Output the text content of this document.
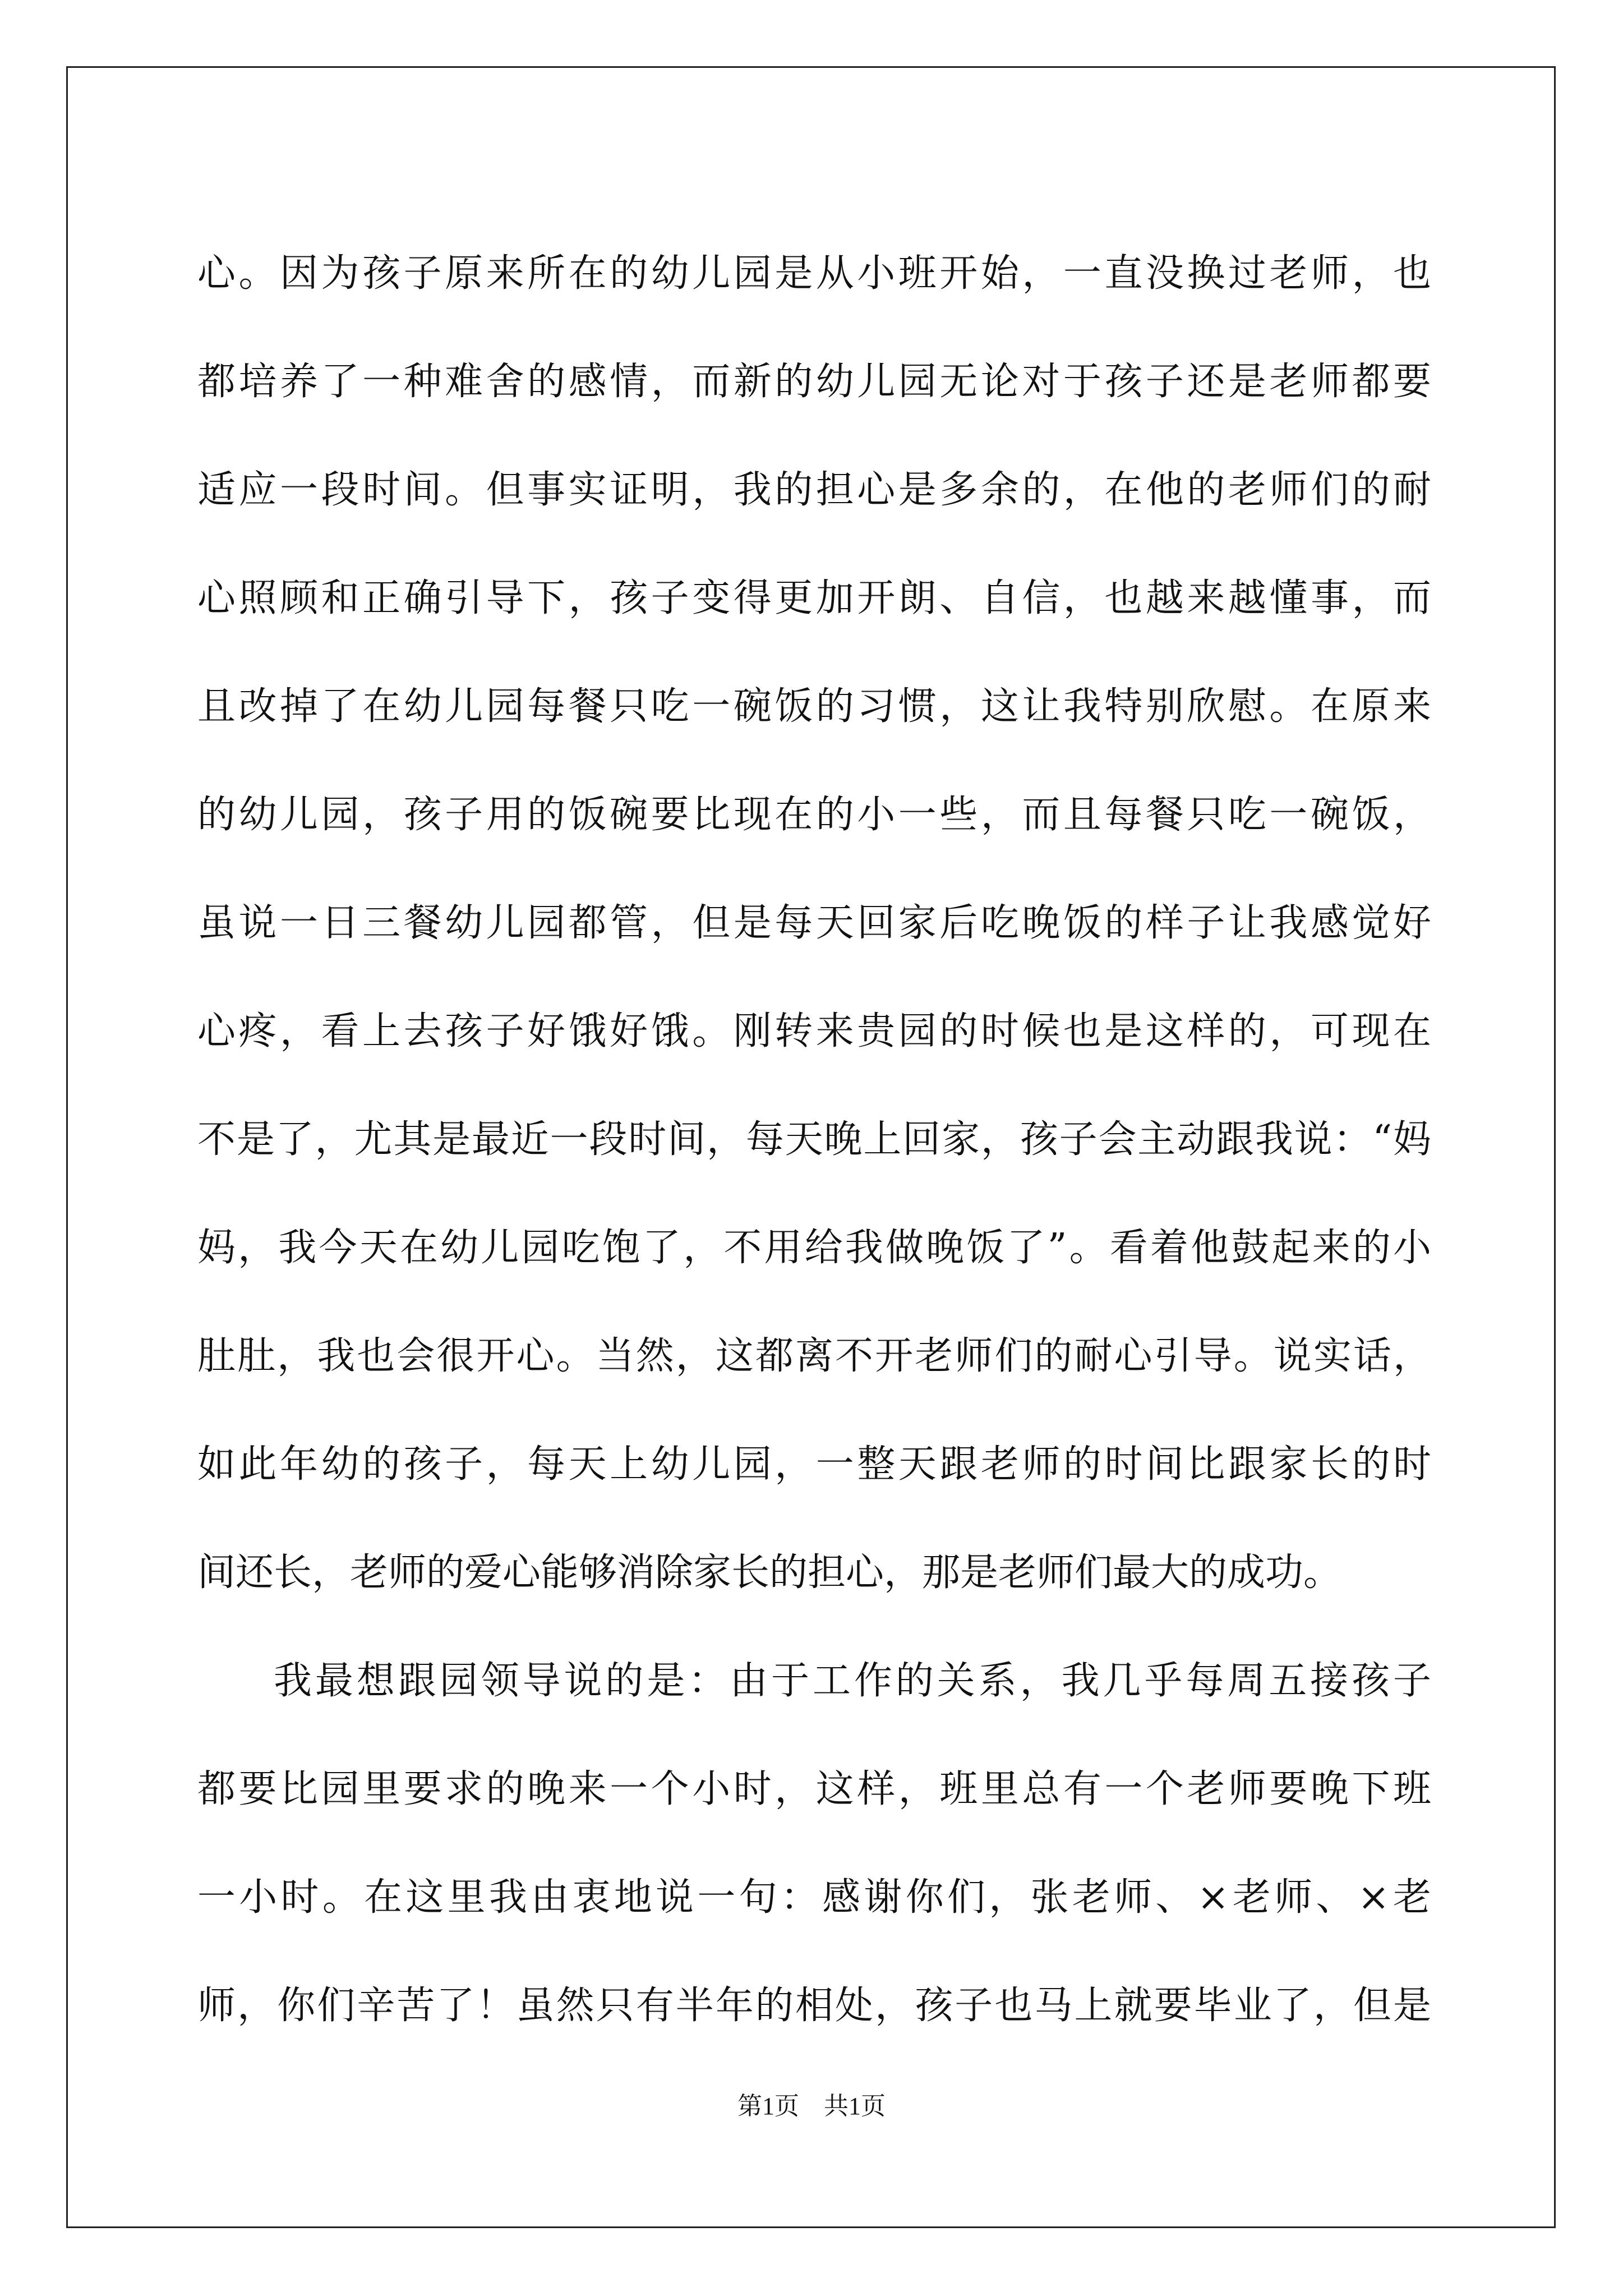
心。因为孩子原来所在的幼儿园是从小班开始，一直没换过老师，也
都培养了一种难舍的感情，而新的幼儿园无论对于孩子还是老师都要
适应一段时间。但事实证明，我的担心是多余的，在他的老师们的耐
心照顾和正确引导下，孩子变得更加开朗、自信，也越来越懂事，而
且改掉了在幼儿园每餐只吃一碗饭的习惯，这让我特别欣慰。在原来
的幼儿园，孩子用的饭碗要比现在的小一些，而且每餐只吃一碗饭，
虽说一日三餐幼儿园都管，但是每天回家后吃晚饭的样子让我感觉好
心疼，看上去孩子好饿好饿。刚转来贵园的时候也是这样的，可现在
不是了，尤其是最近一段时间，每天晚上回家，孩子会主动跟我说：“妈
妈，我今天在幼儿园吃饱了，不用给我做晚饭了”。看着他鼓起来的小
肚肚，我也会很开心。当然，这都离不开老师们的耐心引导。说实话，
如此年幼的孩子，每天上幼儿园，一整天跟老师的时间比跟家长的时
间还长，老师的爱心能够消除家长的担心，那是老师们最大的成功。
我最想跟园领导说的是：由于工作的关系，我几乎每周五接孩子
都要比园里要求的晚来一个小时，这样，班里总有一个老师要晚下班
一小时。在这里我由衷地说一句：感谢你们，张老师、×老师、×老
师，你们辛苦了！虽然只有半年的相处，孩子也马上就要毕业了，但是
第1页　共1页
